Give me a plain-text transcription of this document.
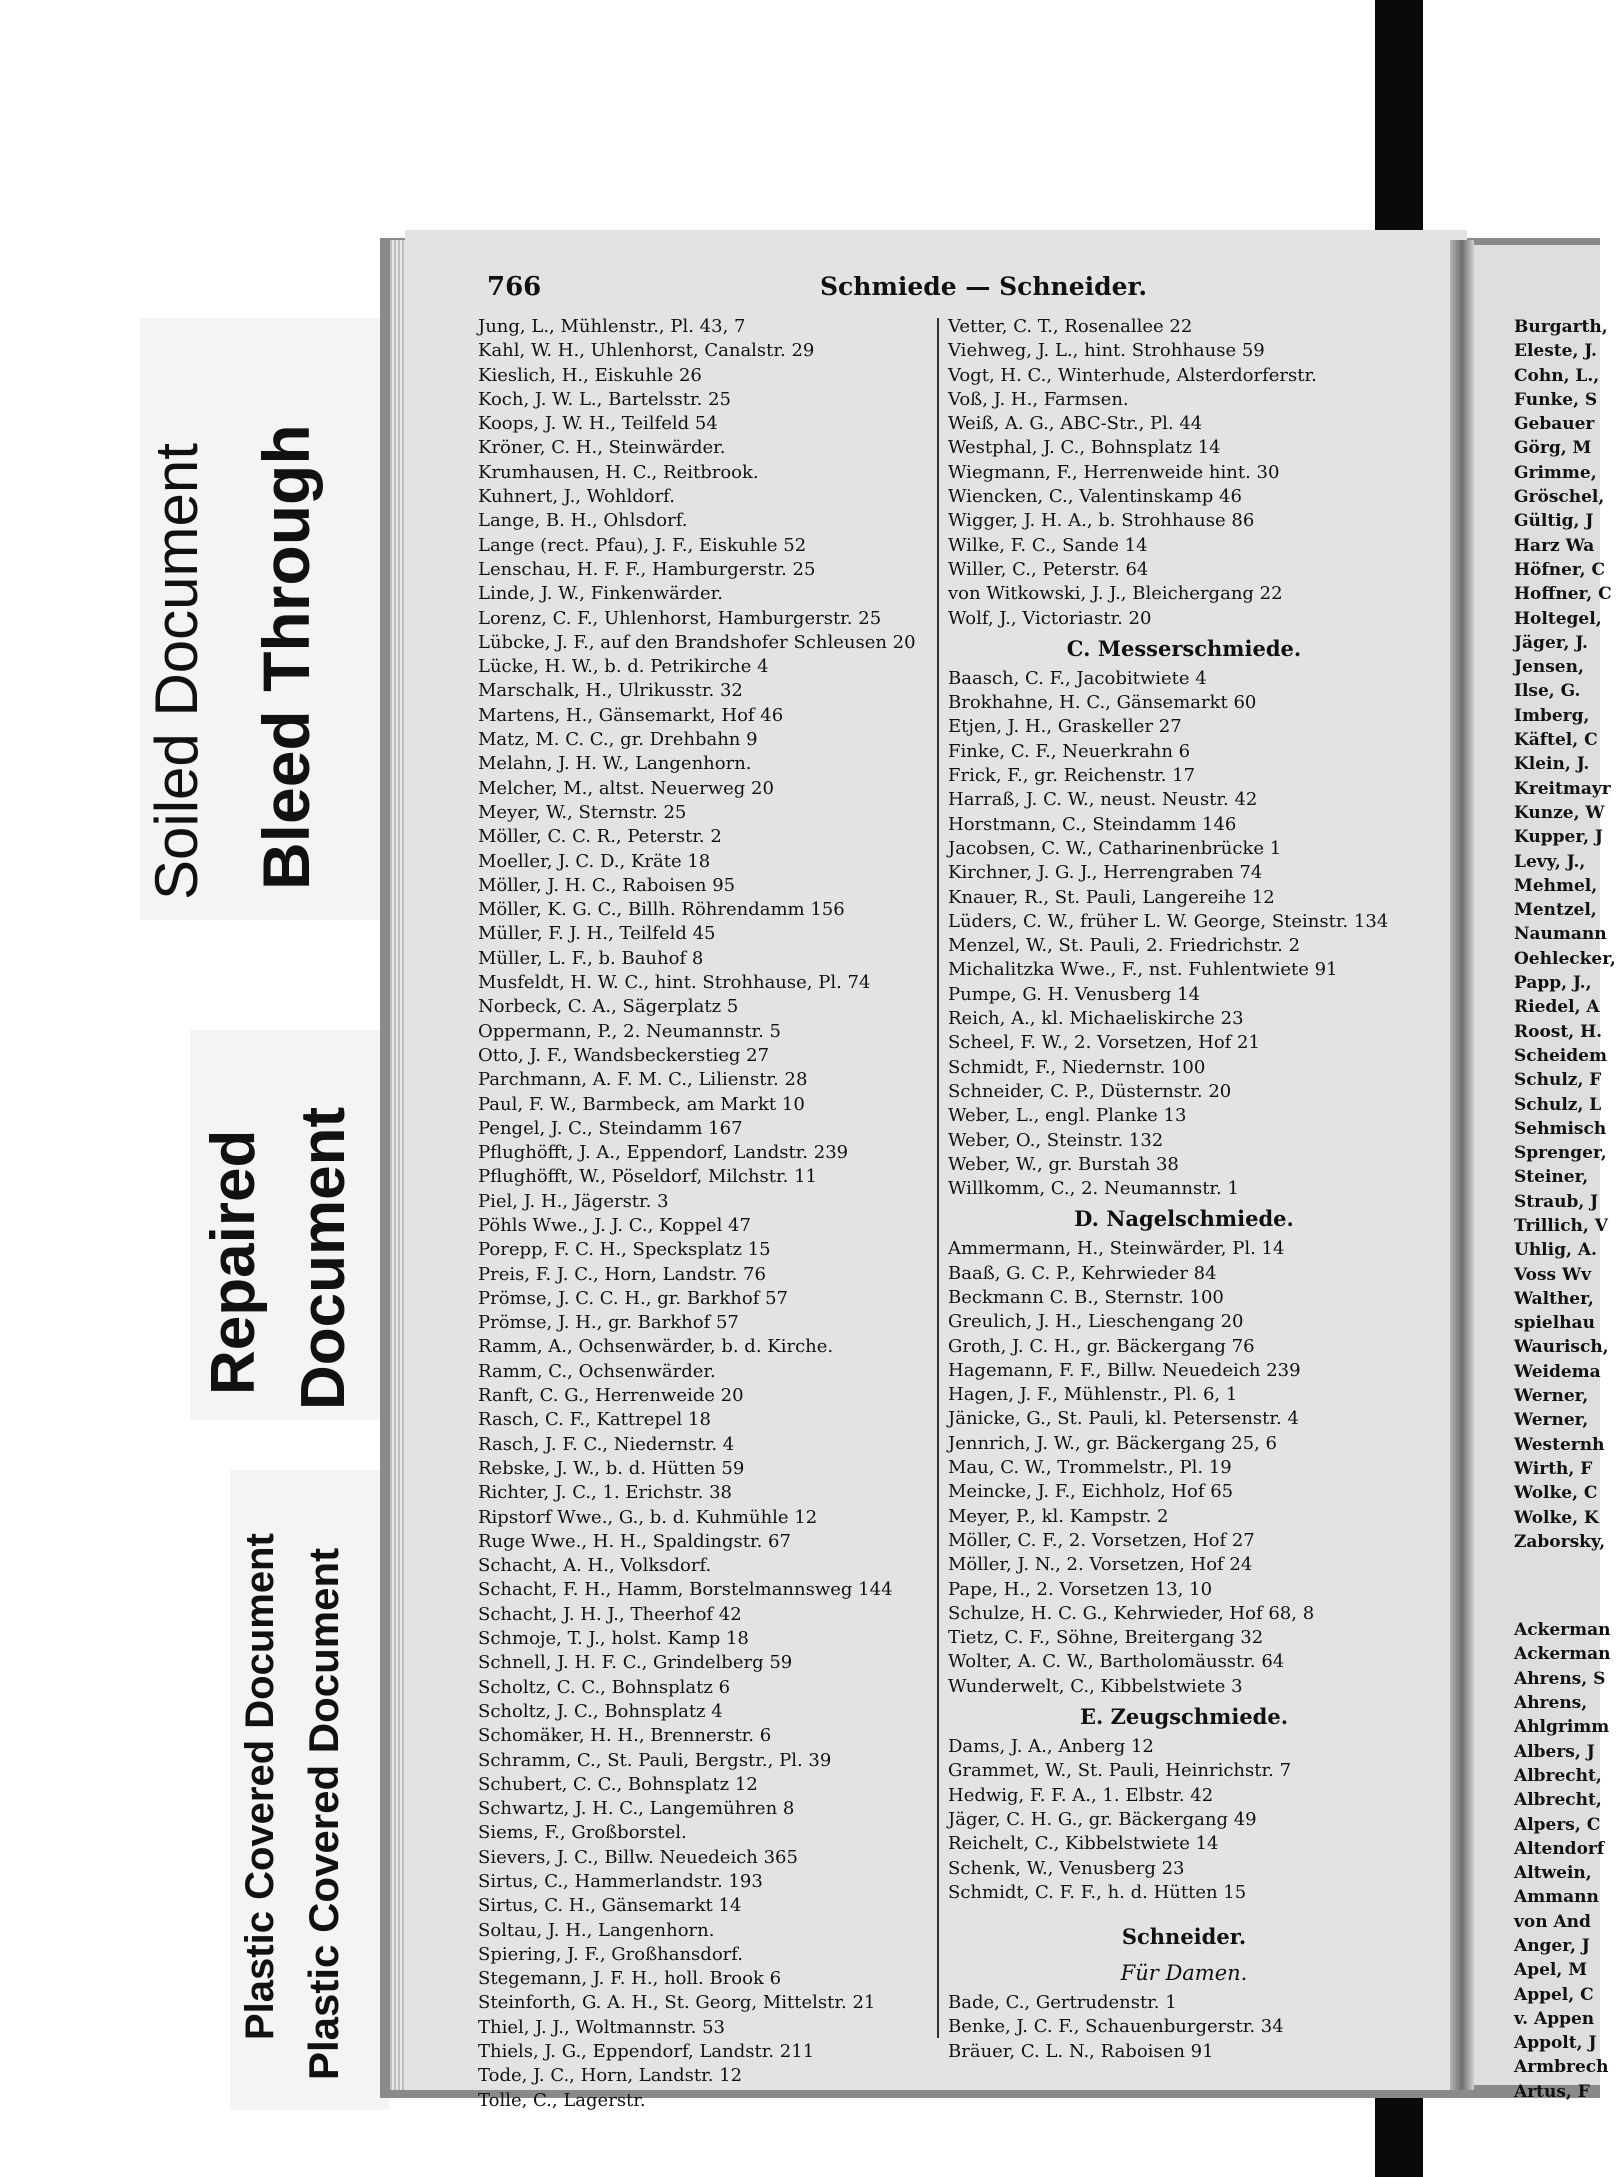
Soiled Document Bleed Through
Repaired Document
Plastic Covered Document Plastic Covered Document
Burgarth,
Eleste, J.
Cohn, L.,
Funke, S
Gebauer
Görg, M
Grimme,
Gröschel,
Gültig, J
Harz Wa
Höfner, C
Hoffner, C
Holtegel,
Jäger, J.
Jensen,
Ilse, G.
Imberg,
Käftel, C
Klein, J.
Kreitmayr
Kunze, W
Kupper, J
Levy, J.,
Mehmel,
Mentzel,
Naumann
Oehlecker,
Papp, J.,
Riedel, A
Roost, H.
Scheidem
Schulz, F
Schulz, L
Sehmisch
Sprenger,
Steiner,
Straub, J
Trillich, V
Uhlig, A.
Voss Wv
Walther,
spielhau
Waurisch,
Weidema
Werner,
Werner,
Westernh
Wirth, F
Wolke, C
Wolke, K
Zaborsky,
Ackerman
Ackerman
Ahrens, S
Ahrens,
Ahlgrimm
Albers, J
Albrecht,
Albrecht,
Alpers, C
Altendorf
Altwein,
Ammann
von And
Anger, J
Apel, M
Appel, C
v. Appen
Appolt, J
Armbrech
Artus, F
766	Schmiede — Schneider.
Jung, L., Mühlenstr., Pl. 43, 7
Kahl, W. H., Uhlenhorst, Canalstr. 29
Kieslich, H., Eiskuhle 26
Koch, J. W. L., Bartelsstr. 25
Koops, J. W. H., Teilfeld 54
Kröner, C. H., Steinwärder.
Krumhausen, H. C., Reitbrook.
Kuhnert, J., Wohldorf.
Lange, B. H., Ohlsdorf.
Lange (rect. Pfau), J. F., Eiskuhle 52
Lenschau, H. F. F., Hamburgerstr. 25
Linde, J. W., Finkenwärder.
Lorenz, C. F., Uhlenhorst, Hamburgerstr. 25
Lübcke, J. F., auf den Brandshofer Schleusen 20
Lücke, H. W., b. d. Petrikirche 4
Marschalk, H., Ulrikusstr. 32
Martens, H., Gänsemarkt, Hof 46
Matz, M. C. C., gr. Drehbahn 9
Melahn, J. H. W., Langenhorn.
Melcher, M., altst. Neuerweg 20
Meyer, W., Sternstr. 25
Möller, C. C. R., Peterstr. 2
Moeller, J. C. D., Kräte 18
Möller, J. H. C., Raboisen 95
Möller, K. G. C., Billh. Röhrendamm 156
Müller, F. J. H., Teilfeld 45
Müller, L. F., b. Bauhof 8
Musfeldt, H. W. C., hint. Strohhause, Pl. 74
Norbeck, C. A., Sägerplatz 5
Oppermann, P., 2. Neumannstr. 5
Otto, J. F., Wandsbeckerstieg 27
Parchmann, A. F. M. C., Lilienstr. 28
Paul, F. W., Barmbeck, am Markt 10
Pengel, J. C., Steindamm 167
Pflughöfft, J. A., Eppendorf, Landstr. 239
Pflughöfft, W., Pöseldorf, Milchstr. 11
Piel, J. H., Jägerstr. 3
Pöhls Wwe., J. J. C., Koppel 47
Porepp, F. C. H., Specksplatz 15
Preis, F. J. C., Horn, Landstr. 76
Prömse, J. C. C. H., gr. Barkhof 57
Prömse, J. H., gr. Barkhof 57
Ramm, A., Ochsenwärder, b. d. Kirche.
Ramm, C., Ochsenwärder.
Ranft, C. G., Herrenweide 20
Rasch, C. F., Kattrepel 18
Rasch, J. F. C., Niedernstr. 4
Rebske, J. W., b. d. Hütten 59
Richter, J. C., 1. Erichstr. 38
Ripstorf Wwe., G., b. d. Kuhmühle 12
Ruge Wwe., H. H., Spaldingstr. 67
Schacht, A. H., Volksdorf.
Schacht, F. H., Hamm, Borstelmannsweg 144
Schacht, J. H. J., Theerhof 42
Schmoje, T. J., holst. Kamp 18
Schnell, J. H. F. C., Grindelberg 59
Scholtz, C. C., Bohnsplatz 6
Scholtz, J. C., Bohnsplatz 4
Schomäker, H. H., Brennerstr. 6
Schramm, C., St. Pauli, Bergstr., Pl. 39
Schubert, C. C., Bohnsplatz 12
Schwartz, J. H. C., Langemühren 8
Siems, F., Großborstel.
Sievers, J. C., Billw. Neuedeich 365
Sirtus, C., Hammerlandstr. 193
Sirtus, C. H., Gänsemarkt 14
Soltau, J. H., Langenhorn.
Spiering, J. F., Großhansdorf.
Stegemann, J. F. H., holl. Brook 6
Steinforth, G. A. H., St. Georg, Mittelstr. 21
Thiel, J. J., Woltmannstr. 53
Thiels, J. G., Eppendorf, Landstr. 211
Tode, J. C., Horn, Landstr. 12
Tolle, C., Lagerstr.
Vetter, C. T., Rosenallee 22
Viehweg, J. L., hint. Strohhause 59
Vogt, H. C., Winterhude, Alsterdorferstr.
Voß, J. H., Farmsen.
Weiß, A. G., ABC-Str., Pl. 44
Westphal, J. C., Bohnsplatz 14
Wiegmann, F., Herrenweide hint. 30
Wiencken, C., Valentinskamp 46
Wigger, J. H. A., b. Strohhause 86
Wilke, F. C., Sande 14
Willer, C., Peterstr. 64
von Witkowski, J. J., Bleichergang 22
Wolf, J., Victoriastr. 20
C. Messerschmiede.
Baasch, C. F., Jacobitwiete 4
Brokhahne, H. C., Gänsemarkt 60
Etjen, J. H., Graskeller 27
Finke, C. F., Neuerkrahn 6
Frick, F., gr. Reichenstr. 17
Harraß, J. C. W., neust. Neustr. 42
Horstmann, C., Steindamm 146
Jacobsen, C. W., Catharinenbrücke 1
Kirchner, J. G. J., Herrengraben 74
Knauer, R., St. Pauli, Langereihe 12
Lüders, C. W., früher L. W. George, Steinstr. 134
Menzel, W., St. Pauli, 2. Friedrichstr. 2
Michalitzka Wwe., F., nst. Fuhlentwiete 91
Pumpe, G. H. Venusberg 14
Reich, A., kl. Michaeliskirche 23
Scheel, F. W., 2. Vorsetzen, Hof 21
Schmidt, F., Niedernstr. 100
Schneider, C. P., Düsternstr. 20
Weber, L., engl. Planke 13
Weber, O., Steinstr. 132
Weber, W., gr. Burstah 38
Willkomm, C., 2. Neumannstr. 1
D. Nagelschmiede.
Ammermann, H., Steinwärder, Pl. 14
Baaß, G. C. P., Kehrwieder 84
Beckmann C. B., Sternstr. 100
Greulich, J. H., Lieschengang 20
Groth, J. C. H., gr. Bäckergang 76
Hagemann, F. F., Billw. Neuedeich 239
Hagen, J. F., Mühlenstr., Pl. 6, 1
Jänicke, G., St. Pauli, kl. Petersenstr. 4
Jennrich, J. W., gr. Bäckergang 25, 6
Mau, C. W., Trommelstr., Pl. 19
Meincke, J. F., Eichholz, Hof 65
Meyer, P., kl. Kampstr. 2
Möller, C. F., 2. Vorsetzen, Hof 27
Möller, J. N., 2. Vorsetzen, Hof 24
Pape, H., 2. Vorsetzen 13, 10
Schulze, H. C. G., Kehrwieder, Hof 68, 8
Tietz, C. F., Söhne, Breitergang 32
Wolter, A. C. W., Bartholomäusstr. 64
Wunderwelt, C., Kibbelstwiete 3
E. Zeugschmiede.
Dams, J. A., Anberg 12
Grammet, W., St. Pauli, Heinrichstr. 7
Hedwig, F. F. A., 1. Elbstr. 42
Jäger, C. H. G., gr. Bäckergang 49
Reichelt, C., Kibbelstwiete 14
Schenk, W., Venusberg 23
Schmidt, C. F. F., h. d. Hütten 15
Schneider.
Für Damen.
Bade, C., Gertrudenstr. 1
Benke, J. C. F., Schauenburgerstr. 34
Bräuer, C. L. N., Raboisen 91
